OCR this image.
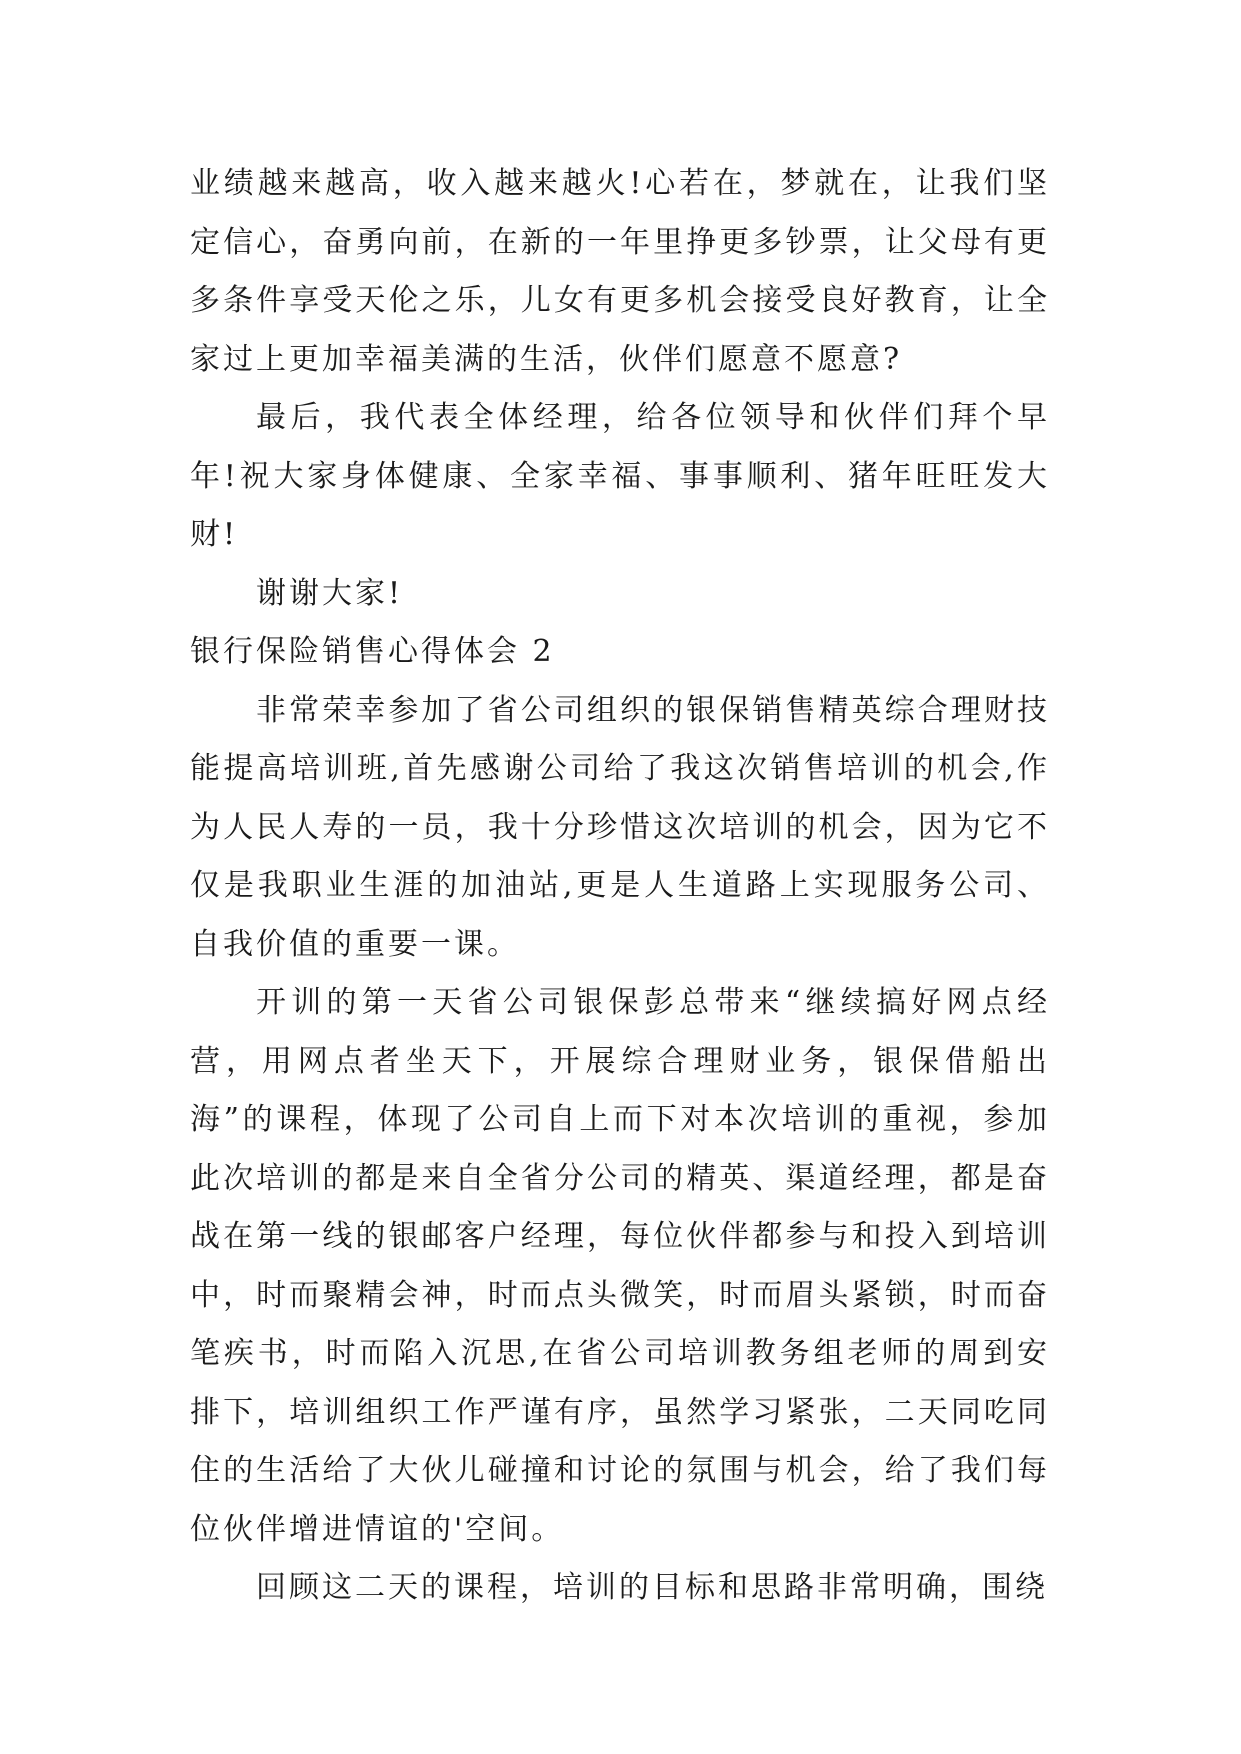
业绩越来越高，收入越来越火!心若在，梦就在，让我们坚定信心，奋勇向前，在新的一年里挣更多钞票，让父母有更多条件享受天伦之乐，儿女有更多机会接受良好教育，让全家过上更加幸福美满的生活，伙伴们愿意不愿意?

最后，我代表全体经理，给各位领导和伙伴们拜个早年!祝大家身体健康、全家幸福、事事顺利、猪年旺旺发大财!

谢谢大家!

银行保险销售心得体会 2

非常荣幸参加了省公司组织的银保销售精英综合理财技能提高培训班,首先感谢公司给了我这次销售培训的机会,作为人民人寿的一员，我十分珍惜这次培训的机会，因为它不仅是我职业生涯的加油站,更是人生道路上实现服务公司、自我价值的重要一课。

开训的第一天省公司银保彭总带来“继续搞好网点经营，用网点者坐天下，开展综合理财业务，银保借船出海”的课程，体现了公司自上而下对本次培训的重视，参加此次培训的都是来自全省分公司的精英、渠道经理，都是奋战在第一线的银邮客户经理，每位伙伴都参与和投入到培训中，时而聚精会神，时而点头微笑，时而眉头紧锁，时而奋笔疾书，时而陷入沉思,在省公司培训教务组老师的周到安排下，培训组织工作严谨有序，虽然学习紧张，二天同吃同住的生活给了大伙儿碰撞和讨论的氛围与机会，给了我们每位伙伴增进情谊的'空间。

回顾这二天的课程，培训的目标和思路非常明确，围绕
